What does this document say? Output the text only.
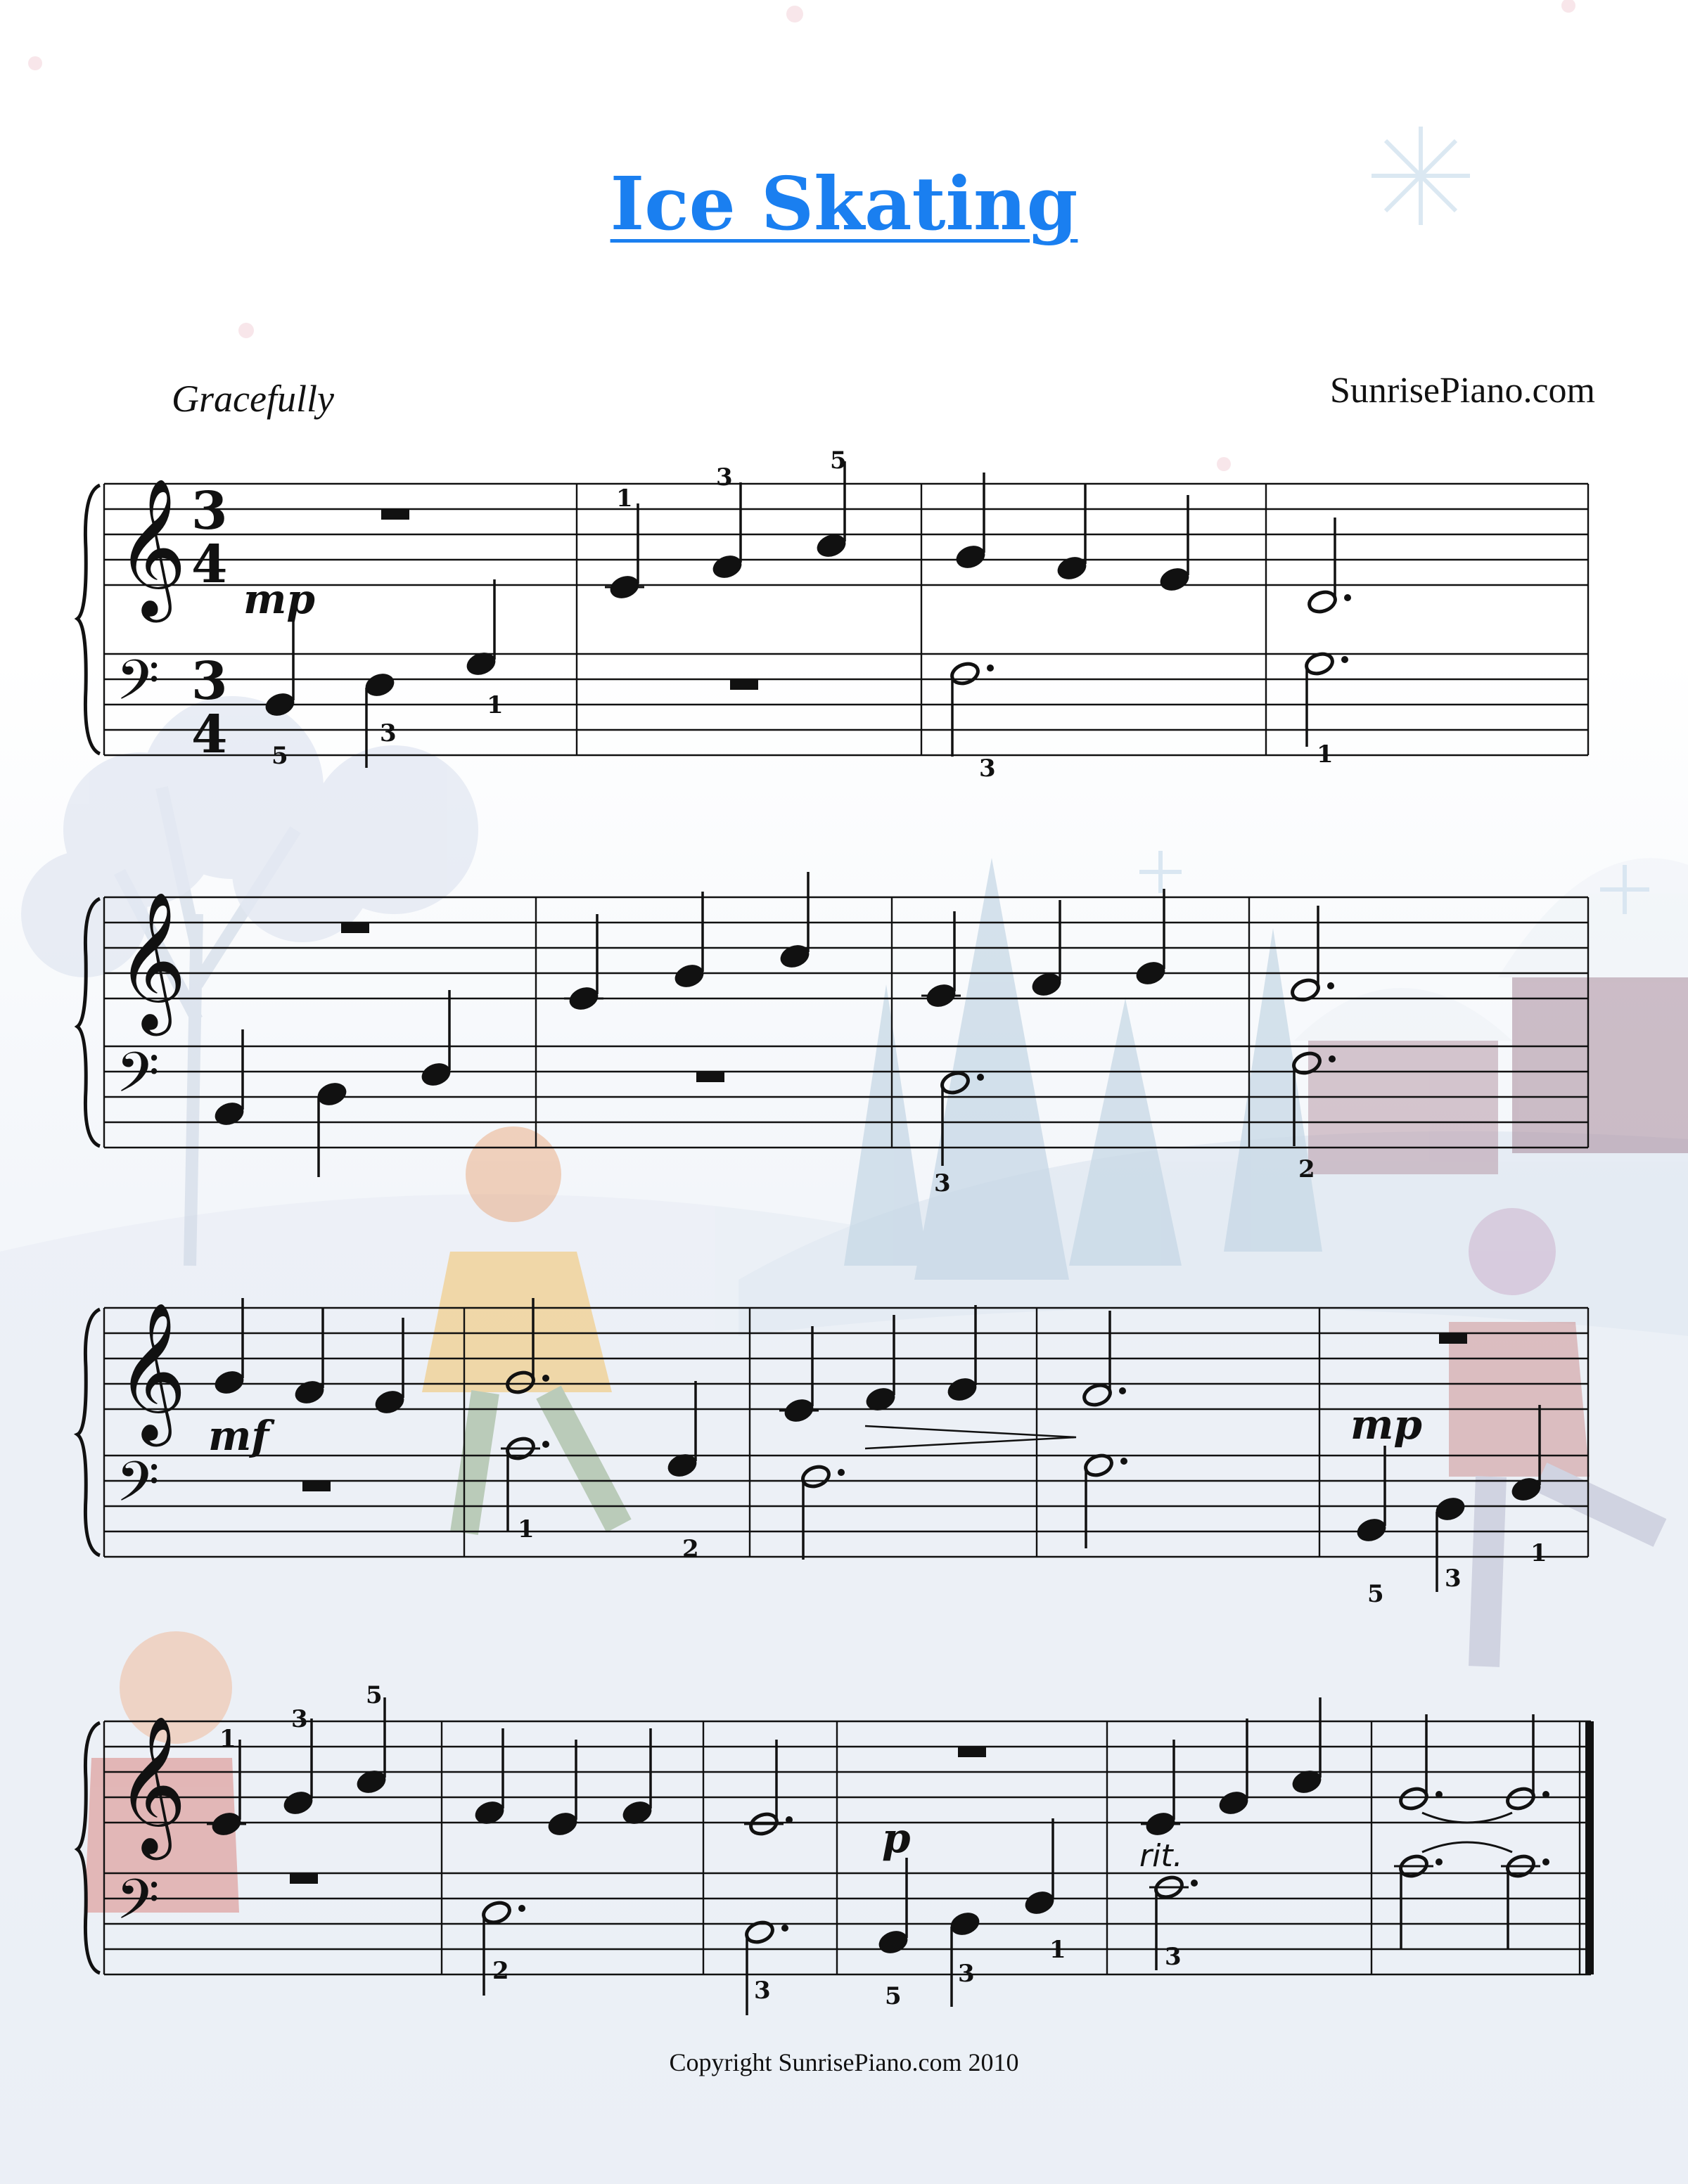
Ice Skating
Gracefully	SunrisePiano.com
Copyright SunrisePiano.com 2010
𝄞
𝄢
𝄞
𝄢
𝄞
𝄢
𝄞
𝄢
3
4
3
4
1
3
5
5
3
1
3	1
3	2
1
2
5
3
1
1
3
5
2
3	5
3
1	3
mp
mf	mp
p	rit.
